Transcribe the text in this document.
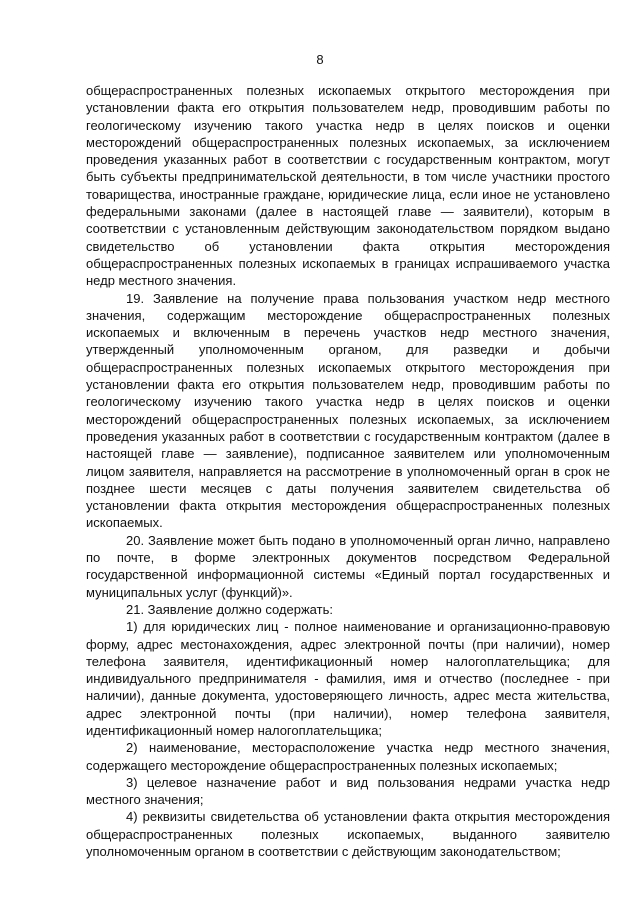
8

общераспространенных полезных ископаемых открытого месторождения при установлении факта его открытия пользователем недр, проводившим работы по геологическому изучению такого участка недр в целях поисков и оценки месторождений общераспространенных полезных ископаемых, за исключением проведения указанных работ в соответствии с государственным контрактом, могут быть субъекты предпринимательской деятельности, в том числе участники простого товарищества, иностранные граждане, юридические лица, если иное не установлено федеральными законами (далее в настоящей главе — заявители), которым в соответствии с установленным действующим законодательством порядком выдано свидетельство об установлении факта открытия месторождения общераспространенных полезных ископаемых в границах испрашиваемого участка недр местного значения.

19. Заявление на получение права пользования участком недр местного значения, содержащим месторождение общераспространенных полезных ископаемых и включенным в перечень участков недр местного значения, утвержденный уполномоченным органом, для разведки и добычи общераспространенных полезных ископаемых открытого месторождения при установлении факта его открытия пользователем недр, проводившим работы по геологическому изучению такого участка недр в целях поисков и оценки месторождений общераспространенных полезных ископаемых, за исключением проведения указанных работ в соответствии с государственным контрактом (далее в настоящей главе — заявление), подписанное заявителем или уполномоченным лицом заявителя, направляется на рассмотрение в уполномоченный орган в срок не позднее шести месяцев с даты получения заявителем свидетельства об установлении факта открытия месторождения общераспространенных полезных ископаемых.

20. Заявление может быть подано в уполномоченный орган лично, направлено по почте, в форме электронных документов посредством Федеральной государственной информационной системы «Единый портал государственных и муниципальных услуг (функций)».

21. Заявление должно содержать:

1) для юридических лиц - полное наименование и организационно-правовую форму, адрес местонахождения, адрес электронной почты (при наличии), номер телефона заявителя, идентификационный номер налогоплательщика; для индивидуального предпринимателя - фамилия, имя и отчество (последнее - при наличии), данные документа, удостоверяющего личность, адрес места жительства, адрес электронной почты (при наличии), номер телефона заявителя, идентификационный номер налогоплательщика;

2) наименование, месторасположение участка недр местного значения, содержащего месторождение общераспространенных полезных ископаемых;

3) целевое назначение работ и вид пользования недрами участка недр местного значения;

4) реквизиты свидетельства об установлении факта открытия месторождения общераспространенных полезных ископаемых, выданного заявителю уполномоченным органом в соответствии с действующим законодательством;
